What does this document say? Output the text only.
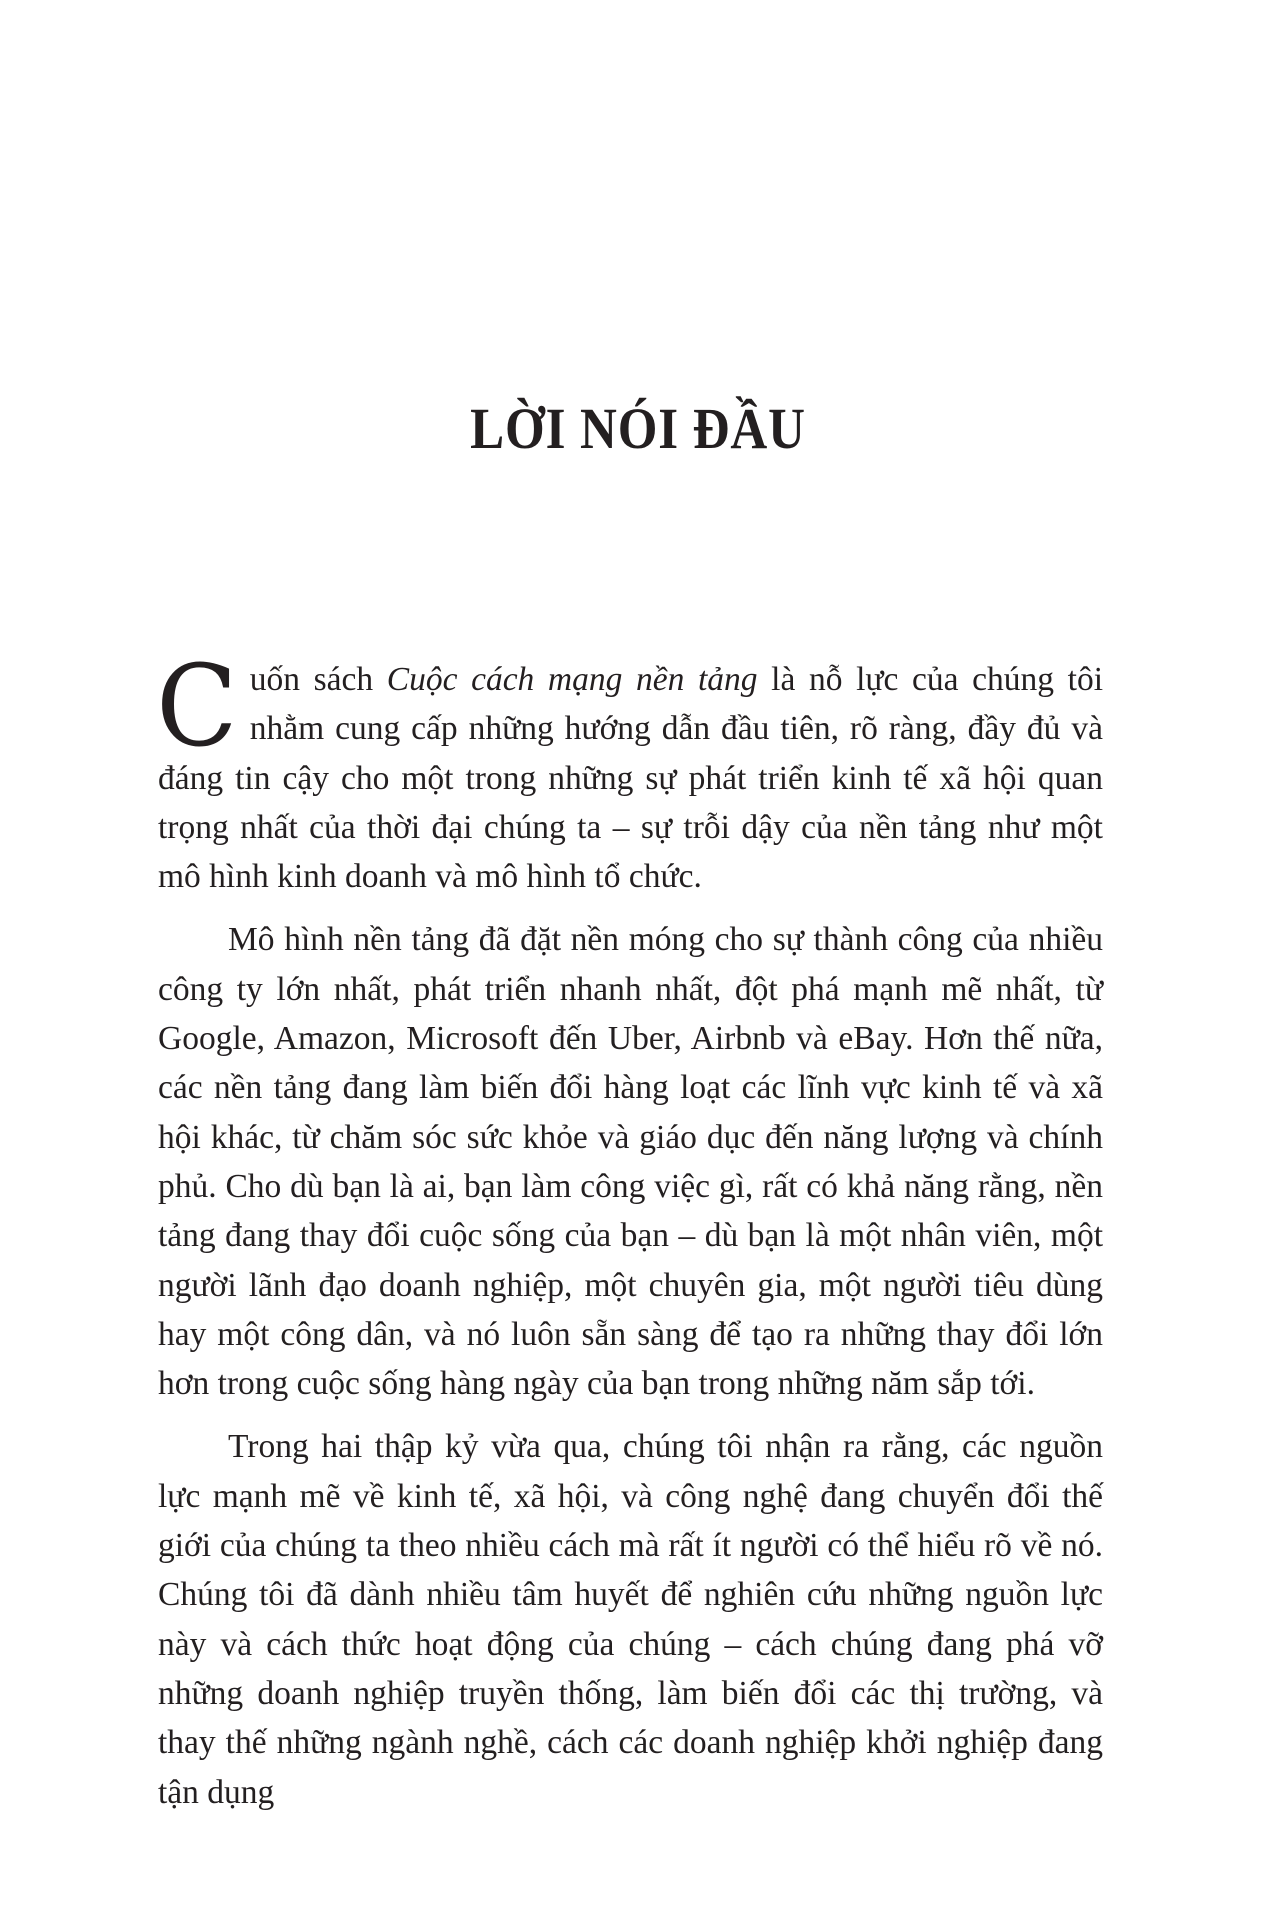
LỜI NÓI ĐẦU

Cuốn sách Cuộc cách mạng nền tảng là nỗ lực của chúng tôi nhằm cung cấp những hướng dẫn đầu tiên, rõ ràng, đầy đủ và đáng tin cậy cho một trong những sự phát triển kinh tế xã hội quan trọng nhất của thời đại chúng ta – sự trỗi dậy của nền tảng như một mô hình kinh doanh và mô hình tổ chức.

Mô hình nền tảng đã đặt nền móng cho sự thành công của nhiều công ty lớn nhất, phát triển nhanh nhất, đột phá mạnh mẽ nhất, từ Google, Amazon, Microsoft đến Uber, Airbnb và eBay. Hơn thế nữa, các nền tảng đang làm biến đổi hàng loạt các lĩnh vực kinh tế và xã hội khác, từ chăm sóc sức khỏe và giáo dục đến năng lượng và chính phủ. Cho dù bạn là ai, bạn làm công việc gì, rất có khả năng rằng, nền tảng đang thay đổi cuộc sống của bạn – dù bạn là một nhân viên, một người lãnh đạo doanh nghiệp, một chuyên gia, một người tiêu dùng hay một công dân, và nó luôn sẵn sàng để tạo ra những thay đổi lớn hơn trong cuộc sống hàng ngày của bạn trong những năm sắp tới.

Trong hai thập kỷ vừa qua, chúng tôi nhận ra rằng, các nguồn lực mạnh mẽ về kinh tế, xã hội, và công nghệ đang chuyển đổi thế giới của chúng ta theo nhiều cách mà rất ít người có thể hiểu rõ về nó. Chúng tôi đã dành nhiều tâm huyết để nghiên cứu những nguồn lực này và cách thức hoạt động của chúng – cách chúng đang phá vỡ những doanh nghiệp truyền thống, làm biến đổi các thị trường, và thay thế những ngành nghề, cách các doanh nghiệp khởi nghiệp đang tận dụng
